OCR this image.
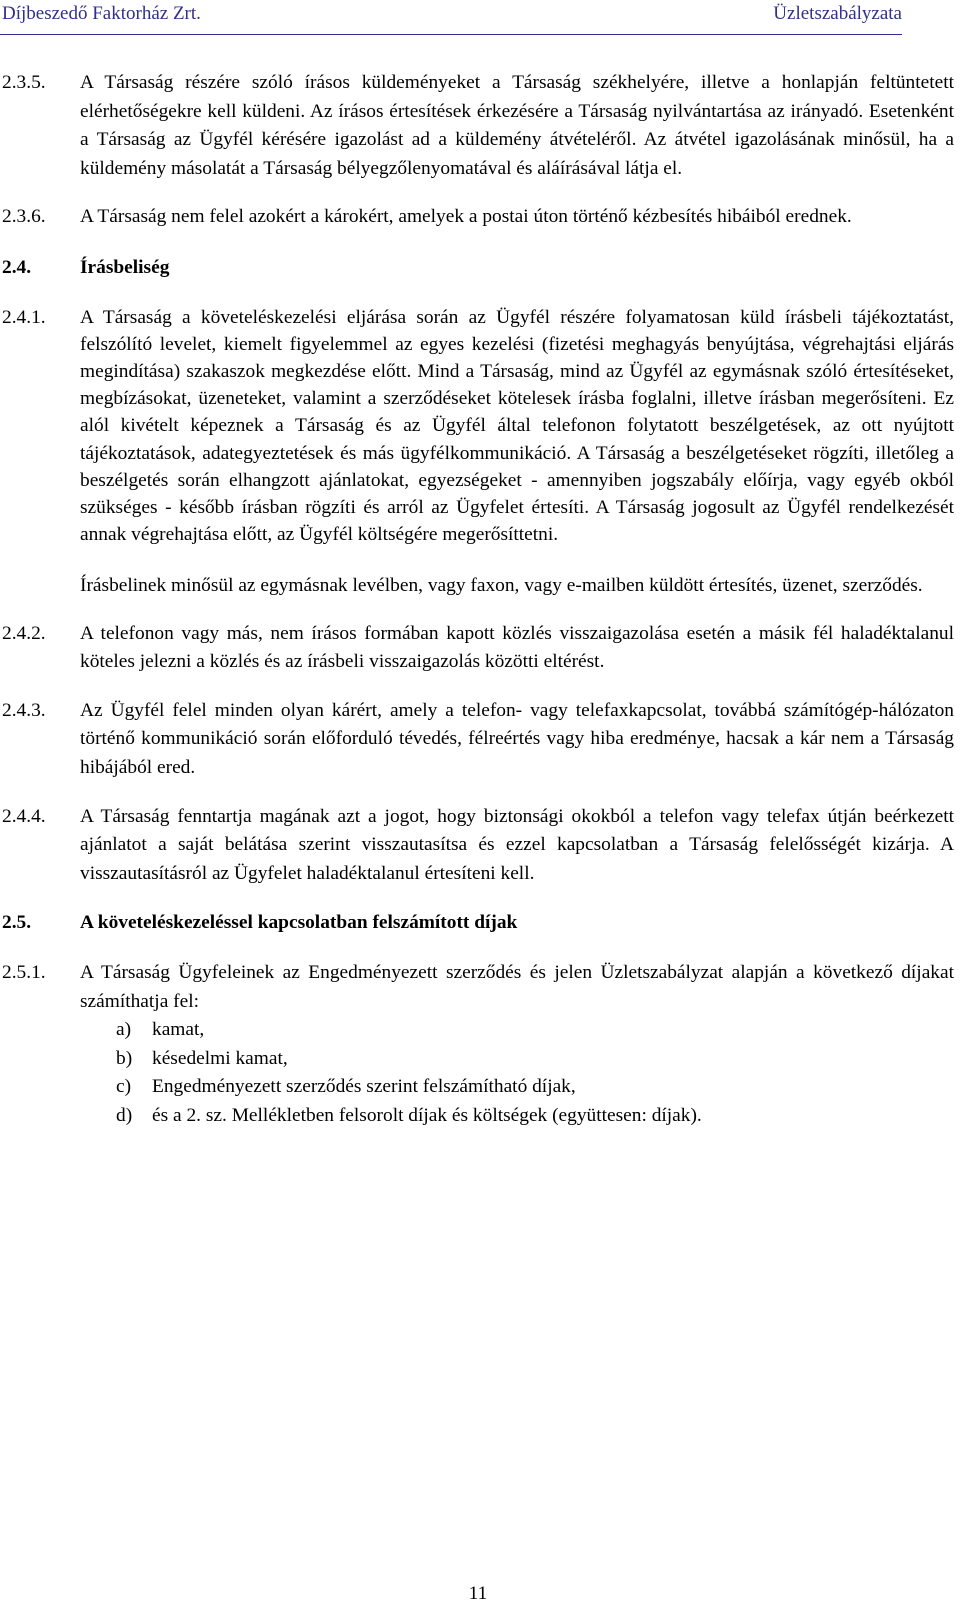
Díjbeszedő Faktorház Zrt.	Üzletszabályzata
2.3.5.	A Társaság részére szóló írásos küldeményeket a Társaság székhelyére, illetve a honlapján feltüntetett elérhetőségekre kell küldeni. Az írásos értesítések érkezésére a Társaság nyilvántartása az irányadó. Esetenként a Társaság az Ügyfél kérésére igazolást ad a küldemény átvételéről. Az átvétel igazolásának minősül, ha a küldemény másolatát a Társaság bélyegzőlenyomatával és aláírásával látja el.
2.3.6.	A Társaság nem felel azokért a károkért, amelyek a postai úton történő kézbesítés hibáiból erednek.
2.4.	Írásbeliség
2.4.1.	A Társaság a követeléskezelési eljárása során az Ügyfél részére folyamatosan küld írásbeli tájékoztatást, felszólító levelet, kiemelt figyelemmel az egyes kezelési (fizetési meghagyás benyújtása, végrehajtási eljárás megindítása) szakaszok megkezdése előtt. Mind a Társaság, mind az Ügyfél az egymásnak szóló értesítéseket, megbízásokat, üzeneteket, valamint a szerződéseket kötelesek írásba foglalni, illetve írásban megerősíteni. Ez alól kivételt képeznek a Társaság és az Ügyfél által telefonon folytatott beszélgetések, az ott nyújtott tájékoztatások, adategyeztetések és más ügyfélkommunikáció. A Társaság a beszélgetéseket rögzíti, illetőleg a beszélgetés során elhangzott ajánlatokat, egyezségeket - amennyiben jogszabály előírja, vagy egyéb okból szükséges - később írásban rögzíti és arról az Ügyfelet értesíti. A Társaság jogosult az Ügyfél rendelkezését annak végrehajtása előtt, az Ügyfél költségére megerősíttetni.
Írásbelinek minősül az egymásnak levélben, vagy faxon, vagy e-mailben küldött értesítés, üzenet, szerződés.
2.4.2.	A telefonon vagy más, nem írásos formában kapott közlés visszaigazolása esetén a másik fél haladéktalanul köteles jelezni a közlés és az írásbeli visszaigazolás közötti eltérést.
2.4.3.	Az Ügyfél felel minden olyan kárért, amely a telefon- vagy telefaxkapcsolat, továbbá számítógép-hálózaton történő kommunikáció során előforduló tévedés, félreértés vagy hiba eredménye, hacsak a kár nem a Társaság hibájából ered.
2.4.4.	A Társaság fenntartja magának azt a jogot, hogy biztonsági okokból a telefon vagy telefax útján beérkezett ajánlatot a saját belátása szerint visszautasítsa és ezzel kapcsolatban a Társaság felelősségét kizárja. A visszautasításról az Ügyfelet haladéktalanul értesíteni kell.
2.5.	A követeléskezeléssel kapcsolatban felszámított díjak
2.5.1.	A Társaság Ügyfeleinek az Engedményezett szerződés és jelen Üzletszabályzat alapján a következő díjakat számíthatja fel:
a)	kamat,
b)	késedelmi kamat,
c)	Engedményezett szerződés szerint felszámítható díjak,
d)	és a 2. sz. Mellékletben felsorolt díjak és költségek (együttesen: díjak).
11
